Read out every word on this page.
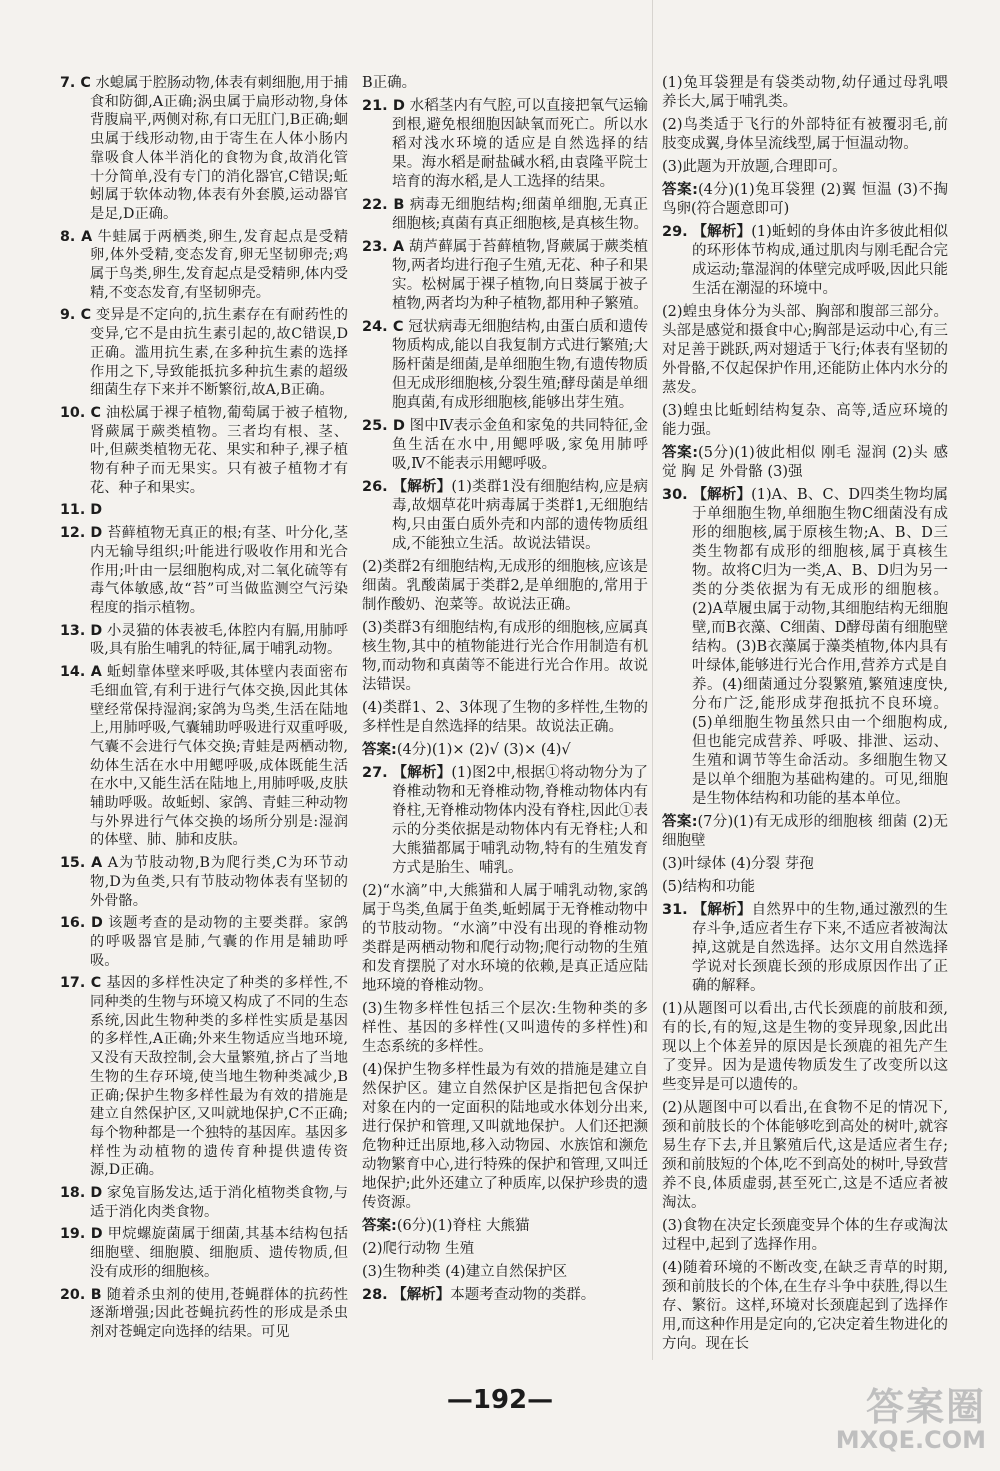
7. C 水螅属于腔肠动物,体表有刺细胞,用于捕食和防御,A正确;涡虫属于扁形动物,身体背腹扁平,两侧对称,有口无肛门,B正确;蛔虫属于线形动物,由于寄生在人体小肠内靠吸食人体半消化的食物为食,故消化管十分简单,没有专门的消化器官,C错误;蚯蚓属于软体动物,体表有外套膜,运动器官是足,D正确。
8. A 牛蛙属于两栖类,卵生,发育起点是受精卵,体外受精,变态发育,卵无坚韧卵壳;鸡属于鸟类,卵生,发育起点是受精卵,体内受精,不变态发育,有坚韧卵壳。
9. C 变异是不定向的,抗生素存在有耐药性的变异,它不是由抗生素引起的,故C错误,D正确。滥用抗生素,在多种抗生素的选择作用之下,导致能抵抗多种抗生素的超级细菌生存下来并不断繁衍,故A,B正确。
10. C 油松属于裸子植物,葡萄属于被子植物,肾蕨属于蕨类植物。三者均有根、茎、叶,但蕨类植物无花、果实和种子,裸子植物有种子而无果实。只有被子植物才有花、种子和果实。
11. D
12. D 苔藓植物无真正的根;有茎、叶分化,茎内无输导组织;叶能进行吸收作用和光合作用;叶由一层细胞构成,对二氧化硫等有毒气体敏感,故“苔”可当做监测空气污染程度的指示植物。
13. D 小灵猫的体表被毛,体腔内有膈,用肺呼吸,具有胎生哺乳的特征,属于哺乳动物。
14. A 蚯蚓靠体壁来呼吸,其体壁内表面密布毛细血管,有利于进行气体交换,因此其体壁经常保持湿润;家鸽为鸟类,生活在陆地上,用肺呼吸,气囊辅助呼吸进行双重呼吸,气囊不会进行气体交换;青蛙是两栖动物,幼体生活在水中用鳃呼吸,成体既能生活在水中,又能生活在陆地上,用肺呼吸,皮肤辅助呼吸。故蚯蚓、家鸽、青蛙三种动物与外界进行气体交换的场所分别是:湿润的体壁、肺、肺和皮肤。
15. A A为节肢动物,B为爬行类,C为环节动物,D为鱼类,只有节肢动物体表有坚韧的外骨骼。
16. D 该题考查的是动物的主要类群。家鸽的呼吸器官是肺,气囊的作用是辅助呼吸。
17. C 基因的多样性决定了种类的多样性,不同种类的生物与环境又构成了不同的生态系统,因此生物种类的多样性实质是基因的多样性,A正确;外来生物适应当地环境,又没有天敌控制,会大量繁殖,挤占了当地生物的生存环境,使当地生物种类减少,B正确;保护生物多样性最为有效的措施是建立自然保护区,又叫就地保护,C不正确;每个物种都是一个独特的基因库。基因多样性为动植物的遗传育种提供遗传资源,D正确。
18. D 家兔盲肠发达,适于消化植物类食物,与适于消化肉类食物。
19. D 甲烷螺旋菌属于细菌,其基本结构包括细胞壁、细胞膜、细胞质、遗传物质,但没有成形的细胞核。
20. B 随着杀虫剂的使用,苍蝇群体的抗药性逐渐增强;因此苍蝇抗药性的形成是杀虫剂对苍蝇定向选择的结果。可见
B正确。
21. D 水稻茎内有气腔,可以直接把氧气运输到根,避免根细胞因缺氧而死亡。所以水稻对浅水环境的适应是自然选择的结果。海水稻是耐盐碱水稻,由袁隆平院士培育的海水稻,是人工选择的结果。
22. B 病毒无细胞结构;细菌单细胞,无真正细胞核;真菌有真正细胞核,是真核生物。
23. A 葫芦藓属于苔藓植物,肾蕨属于蕨类植物,两者均进行孢子生殖,无花、种子和果实。松树属于裸子植物,向日葵属于被子植物,两者均为种子植物,都用种子繁殖。
24. C 冠状病毒无细胞结构,由蛋白质和遗传物质构成,能以自我复制方式进行繁殖;大肠杆菌是细菌,是单细胞生物,有遗传物质但无成形细胞核,分裂生殖;酵母菌是单细胞真菌,有成形细胞核,能够出芽生殖。
25. D 图中Ⅳ表示金鱼和家兔的共同特征,金鱼生活在水中,用鳃呼吸,家兔用肺呼吸,Ⅳ不能表示用鳃呼吸。
26. 【解析】(1)类群1没有细胞结构,应是病毒,故烟草花叶病毒属于类群1,无细胞结构,只由蛋白质外壳和内部的遗传物质组成,不能独立生活。故说法错误。
(2)类群2有细胞结构,无成形的细胞核,应该是细菌。乳酸菌属于类群2,是单细胞的,常用于制作酸奶、泡菜等。故说法正确。
(3)类群3有细胞结构,有成形的细胞核,应属真核生物,其中的植物能进行光合作用制造有机物,而动物和真菌等不能进行光合作用。故说法错误。
(4)类群1、2、3体现了生物的多样性,生物的多样性是自然选择的结果。故说法正确。
答案:(4分)(1)× (2)√ (3)× (4)√
27. 【解析】(1)图2中,根据①将动物分为了脊椎动物和无脊椎动物,脊椎动物体内有脊柱,无脊椎动物体内没有脊柱,因此①表示的分类依据是动物体内有无脊柱;人和大熊猫都属于哺乳动物,特有的生殖发育方式是胎生、哺乳。
(2)“水滴”中,大熊猫和人属于哺乳动物,家鸽属于鸟类,鱼属于鱼类,蚯蚓属于无脊椎动物中的节肢动物。“水滴”中没有出现的脊椎动物类群是两栖动物和爬行动物;爬行动物的生殖和发育摆脱了对水环境的依赖,是真正适应陆地环境的脊椎动物。
(3)生物多样性包括三个层次:生物种类的多样性、基因的多样性(又叫遗传的多样性)和生态系统的多样性。
(4)保护生物多样性最为有效的措施是建立自然保护区。建立自然保护区是指把包含保护对象在内的一定面积的陆地或水体划分出来,进行保护和管理,又叫就地保护。人们还把濒危物种迁出原地,移入动物园、水族馆和濒危动物繁育中心,进行特殊的保护和管理,又叫迁地保护;此外还建立了种质库,以保护珍贵的遗传资源。
答案:(6分)(1)脊柱 大熊猫
(2)爬行动物 生殖
(3)生物种类 (4)建立自然保护区
28. 【解析】本题考查动物的类群。
(1)兔耳袋狸是有袋类动物,幼仔通过母乳喂养长大,属于哺乳类。
(2)鸟类适于飞行的外部特征有被覆羽毛,前肢变成翼,身体呈流线型,属于恒温动物。
(3)此题为开放题,合理即可。
答案:(4分)(1)兔耳袋狸 (2)翼 恒温 (3)不掏鸟卵(符合题意即可)
29. 【解析】(1)蚯蚓的身体由许多彼此相似的环形体节构成,通过肌肉与刚毛配合完成运动;靠湿润的体壁完成呼吸,因此只能生活在潮湿的环境中。
(2)蝗虫身体分为头部、胸部和腹部三部分。头部是感觉和摄食中心;胸部是运动中心,有三对足善于跳跃,两对翅适于飞行;体表有坚韧的外骨骼,不仅起保护作用,还能防止体内水分的蒸发。
(3)蝗虫比蚯蚓结构复杂、高等,适应环境的能力强。
答案:(5分)(1)彼此相似 刚毛 湿润 (2)头 感觉 胸 足 外骨骼 (3)强
30. 【解析】(1)A、B、C、D四类生物均属于单细胞生物,单细胞生物C细菌没有成形的细胞核,属于原核生物;A、B、D三类生物都有成形的细胞核,属于真核生物。故将C归为一类,A、B、D归为另一类的分类依据为有无成形的细胞核。(2)A草履虫属于动物,其细胞结构无细胞壁,而B衣藻、C细菌、D酵母菌有细胞壁结构。(3)B衣藻属于藻类植物,体内具有叶绿体,能够进行光合作用,营养方式是自养。(4)细菌通过分裂繁殖,繁殖速度快,分布广泛,能形成芽孢抵抗不良环境。(5)单细胞生物虽然只由一个细胞构成,但也能完成营养、呼吸、排泄、运动、生殖和调节等生命活动。多细胞生物又是以单个细胞为基础构建的。可见,细胞是生物体结构和功能的基本单位。
答案:(7分)(1)有无成形的细胞核 细菌 (2)无细胞壁
(3)叶绿体 (4)分裂 芽孢
(5)结构和功能
31. 【解析】自然界中的生物,通过激烈的生存斗争,适应者生存下来,不适应者被淘汰掉,这就是自然选择。达尔文用自然选择学说对长颈鹿长颈的形成原因作出了正确的解释。
(1)从题图可以看出,古代长颈鹿的前肢和颈,有的长,有的短,这是生物的变异现象,因此出现以上个体差异的原因是长颈鹿的祖先产生了变异。因为是遗传物质发生了改变所以这些变异是可以遗传的。
(2)从题图中可以看出,在食物不足的情况下,颈和前肢长的个体能够吃到高处的树叶,就容易生存下去,并且繁殖后代,这是适应者生存;颈和前肢短的个体,吃不到高处的树叶,导致营养不良,体质虚弱,甚至死亡,这是不适应者被淘汰。
(3)食物在决定长颈鹿变异个体的生存或淘汰过程中,起到了选择作用。
(4)随着环境的不断改变,在缺乏青草的时期,颈和前肢长的个体,在生存斗争中获胜,得以生存、繁衍。这样,环境对长颈鹿起到了选择作用,而这种作用是定向的,它决定着生物进化的方向。现在长
—192—	答案圈
MXQE.COM
